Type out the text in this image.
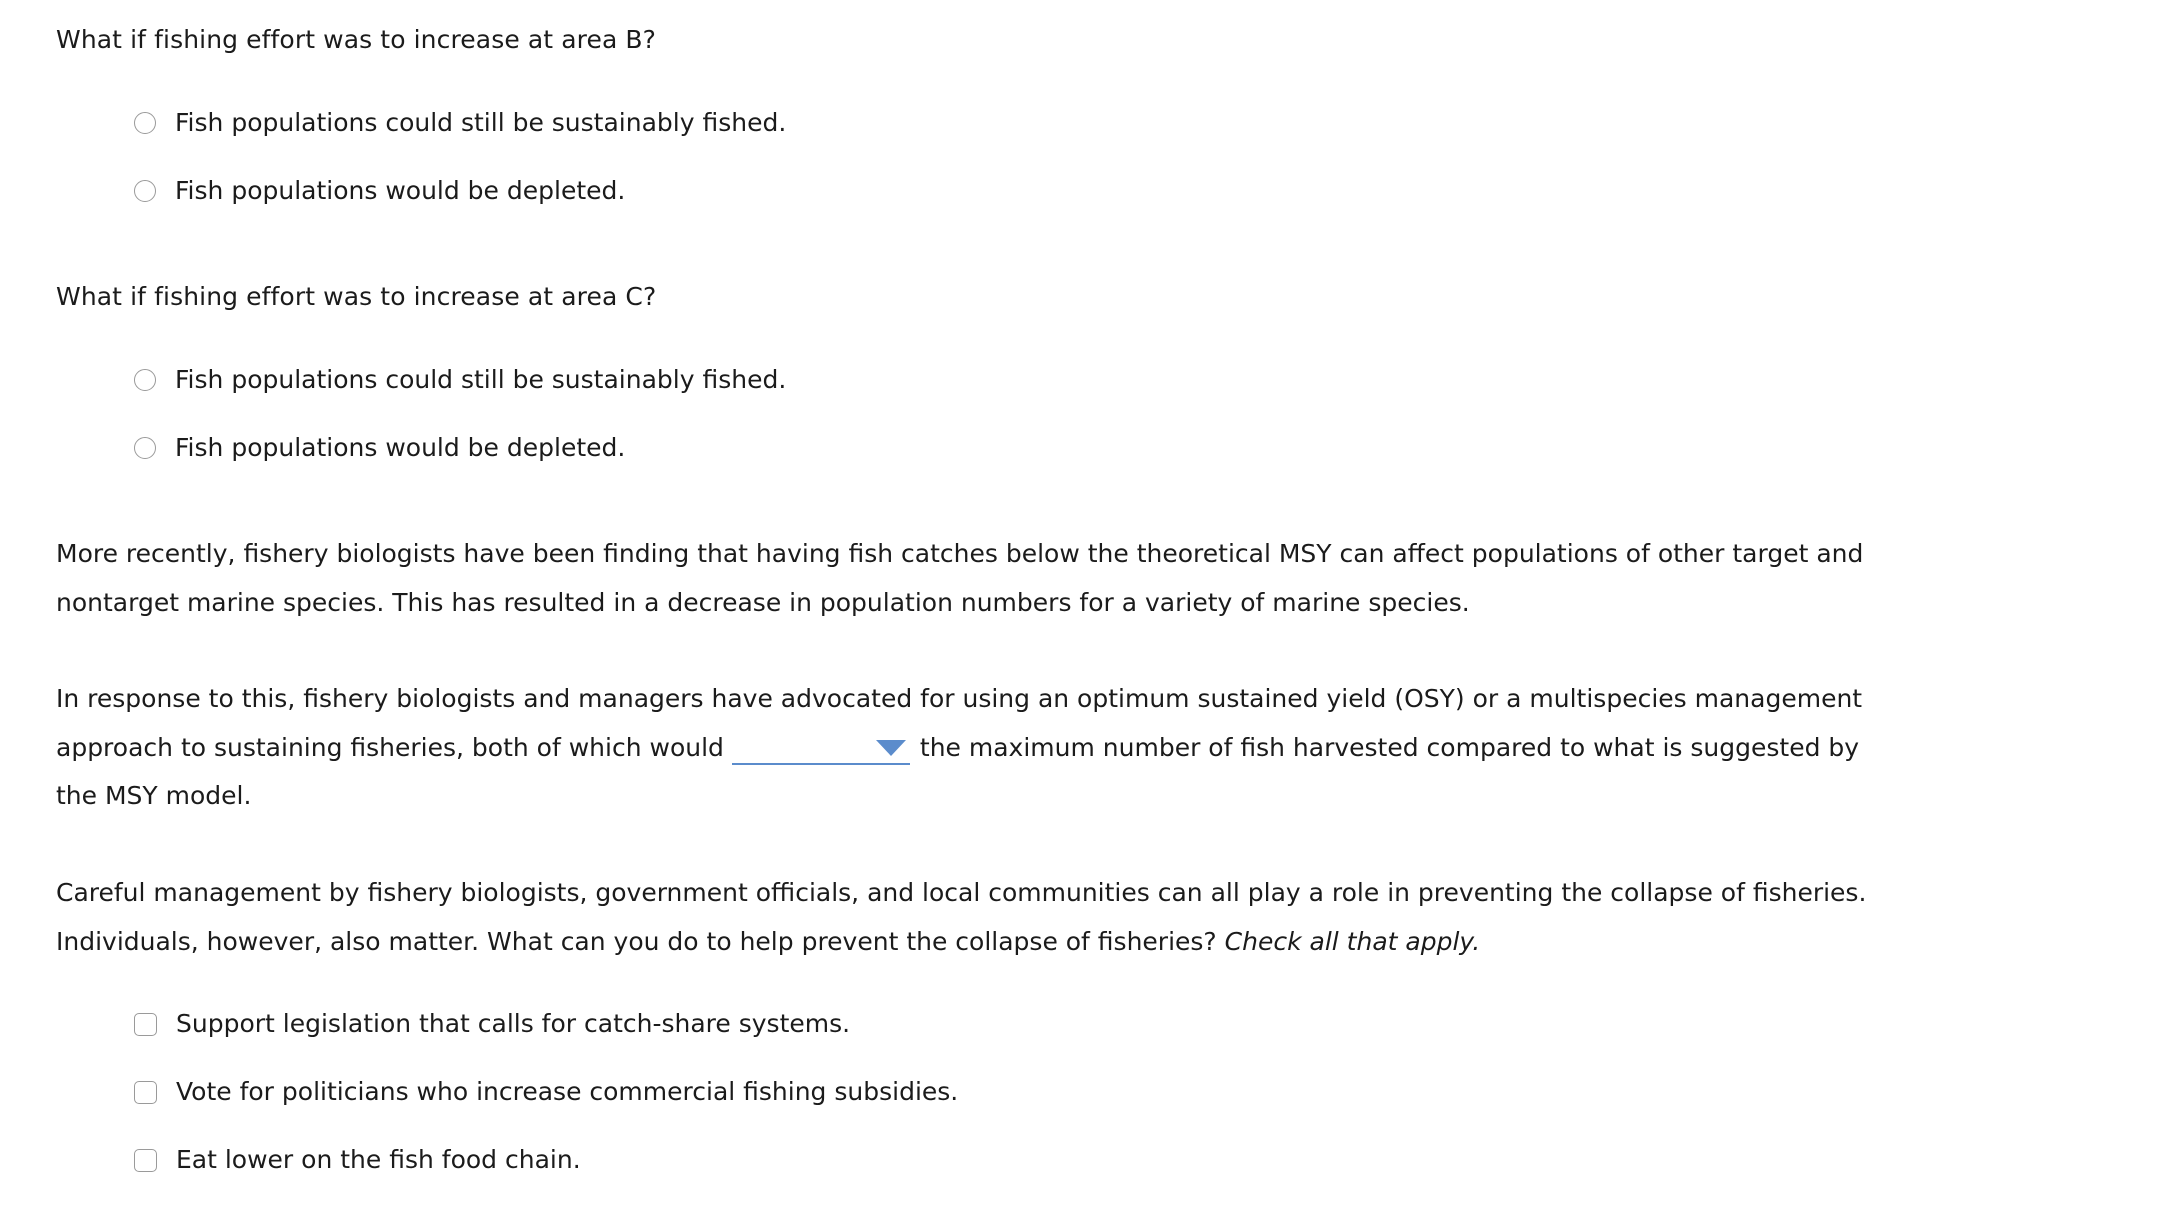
What if fishing effort was to increase at area B?

Fish populations could still be sustainably fished.
Fish populations would be depleted.

What if fishing effort was to increase at area C?

Fish populations could still be sustainably fished.
Fish populations would be depleted.

More recently, fishery biologists have been finding that having fish catches below the theoretical MSY can affect populations of other target and nontarget marine species. This has resulted in a decrease in population numbers for a variety of marine species.

In response to this, fishery biologists and managers have advocated for using an optimum sustained yield (OSY) or a multispecies management approach to sustaining fisheries, both of which would	the maximum number of fish harvested compared to what is suggested by the MSY model.

Careful management by fishery biologists, government officials, and local communities can all play a role in preventing the collapse of fisheries. Individuals, however, also matter. What can you do to help prevent the collapse of fisheries? Check all that apply.

Support legislation that calls for catch-share systems.
Vote for politicians who increase commercial fishing subsidies.
Eat lower on the fish food chain.
